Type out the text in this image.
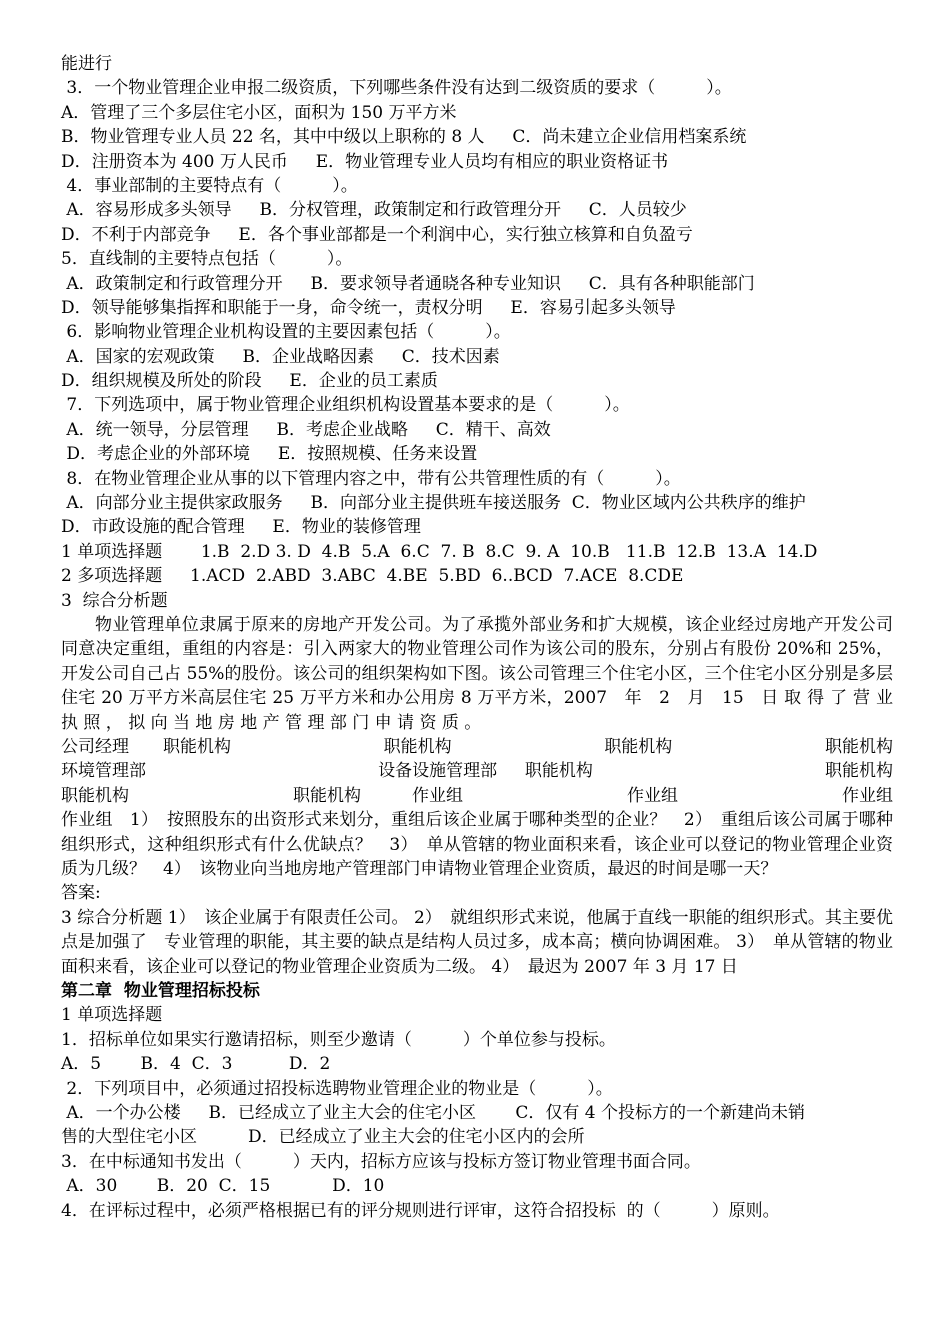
能进行
3．一个物业管理企业申报二级资质，下列哪些条件没有达到二级资质的要求（　　　）。
A．管理了三个多层住宅小区，面积为 150 万平方米
B．物业管理专业人员 22 名，其中中级以上职称的 8 人　  C．尚未建立企业信用档案系统
D．注册资本为 400 万人民币　  E．物业管理专业人员均有相应的职业资格证书
4．事业部制的主要特点有（　　　）。
A．容易形成多头领导　  B．分权管理，政策制定和行政管理分开　  C．人员较少
D．不利于内部竞争　  E．各个事业部都是一个利润中心，实行独立核算和自负盈亏
5．直线制的主要特点包括（　　　）。
A．政策制定和行政管理分开　  B．要求领导者通晓各种专业知识　  C．具有各种职能部门
D．领导能够集指挥和职能于一身，命令统一，责权分明　  E．容易引起多头领导
6．影响物业管理企业机构设置的主要因素包括（　　　）。
A．国家的宏观政策　  B．企业战略因素　  C．技术因素
D．组织规模及所处的阶段　  E．企业的员工素质
7．下列选项中，属于物业管理企业组织机构设置基本要求的是（　　　）。
A．统一领导，分层管理　  B．考虑企业战略　  C．精干、高效
D．考虑企业的外部环境　  E．按照规模、任务来设置
8．在物业管理企业从事的以下管理内容之中，带有公共管理性质的有（　　　）。
A．向部分业主提供家政服务　  B．向部分业主提供班车接送服务  C．物业区域内公共秩序的维护
D．市政设施的配合管理　  E．物业的装修管理
1 单项选择题　    1.B  2.D 3. D  4.B  5.A  6.C  7. B  8.C  9. A  10.B   11.B  12.B  13.A  14.D
2 多项选择题　  1.ACD  2.ABD  3.ABC  4.BE  5.BD  6..BCD  7.ACE  8.CDE
3  综合分析题
物业管理单位隶属于原来的房地产开发公司。为了承揽外部业务和扩大规模，该企业经过房地产开发公司同意决定重组，重组的内容是：引入两家大的物业管理公司作为该公司的股东，分别占有股份 20%和 25%，开发公司自己占 55%的股份。该公司的组织架构如下图。该公司管理三个住宅小区，三个住宅小区分别是多层住宅 20 万平方米高层住宅 25 万平方米和办公用房 8 万平方米，2007　年　2　月　15　日 取 得 了 营 业 执 照 ， 拟 向 当 地 房 地 产 管 理 部 门 申 请 资 质 。
公司经理　　职能机构	职能机构	职能机构	职能机构
环境管理部	设备设施管理部　  职能机构	职能机构
职能机构	职能机构　　　作业组	作业组	作业组
作业组　1）　按照股东的出资形式来划分，重组后该企业属于哪种类型的企业？　2）　重组后该公司属于哪种组织形式，这种组织形式有什么优缺点？　3）　单从管辖的物业面积来看，该企业可以登记的物业管理企业资质为几级？　4）　该物业向当地房地产管理部门申请物业管理企业资质，最迟的时间是哪一天？
答案:
3 综合分析题 1）　该企业属于有限责任公司。 2）　就组织形式来说，他属于直线一职能的组织形式。其主要优点是加强了　专业管理的职能，其主要的缺点是结构人员过多，成本高；横向协调困难。 3）　单从管辖的物业面积来看，该企业可以登记的物业管理企业资质为二级。 4）　最迟为 2007 年 3 月 17 日
第二章  物业管理招标投标
1 单项选择题
1．招标单位如果实行邀请招标，则至少邀请（　　　）个单位参与投标。
A．5　　 B．4  C．3　　　 D．2
2．下列项目中，必须通过招投标选聘物业管理企业的物业是（　　　）。
A．一个办公楼　  B．已经成立了业主大会的住宅小区　　 C．仅有 4 个投标方的一个新建尚未销
售的大型住宅小区　　　D．已经成立了业主大会的住宅小区内的会所
3．在中标通知书发出（　　　）天内，招标方应该与投标方签订物业管理书面合同。
A．30　　 B．20  C．15　　　  D．10
4．在评标过程中，必须严格根据已有的评分规则进行评审，这符合招投标  的（　　　）原则。
